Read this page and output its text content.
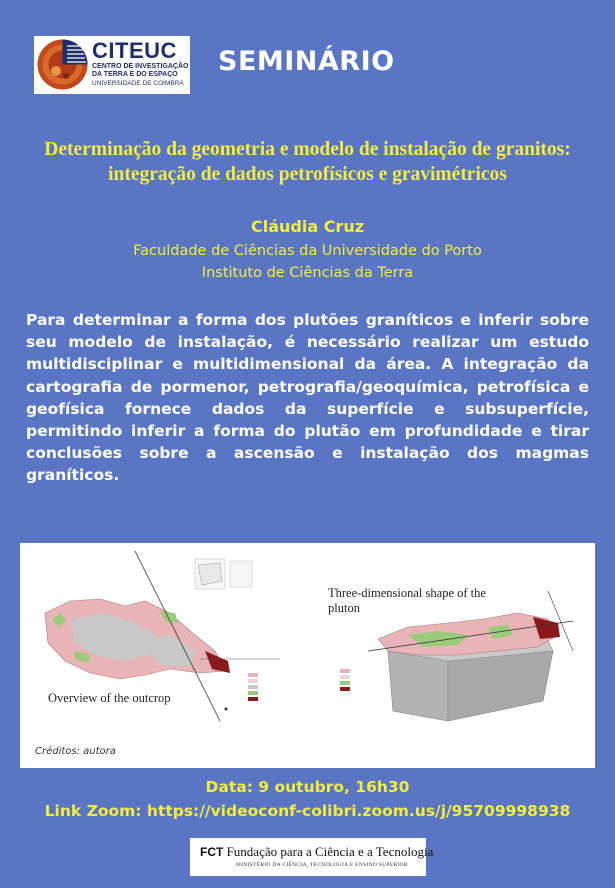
CITEUC
CENTRO DE INVESTIGAÇÃO
DA TERRA E DO ESPAÇO
UNIVERSIDADE DE COIMBRA
SEMINÁRIO
Determinação da geometria e modelo de instalação de granitos: integração de dados petrofísicos e gravimétricos
Cláudia Cruz
Faculdade de Ciências da Universidade do Porto
Instituto de Ciências da Terra
Para determinar a forma dos plutões graníticos e inferir sobre seu modelo de instalação, é necessário realizar um estudo multidisciplinar e multidimensional da área. A integração da cartografia de pormenor, petrografia/geoquímica, petrofísica e geofísica fornece dados da superfície e subsuperfície, permitindo inferir a forma do plutão em profundidade e tirar conclusões sobre a ascensão e instalação dos magmas graníticos.
Overview of the outcrop
Three-dimensional shape of the pluton
Créditos: autora
Data: 9 outubro, 16h30
Link Zoom: https://videoconf-colibri.zoom.us/j/95709998938
FCT Fundação para a Ciência e a Tecnologia
MINISTÉRIO DA CIÊNCIA, TECNOLOGIA E ENSINO SUPERIOR
